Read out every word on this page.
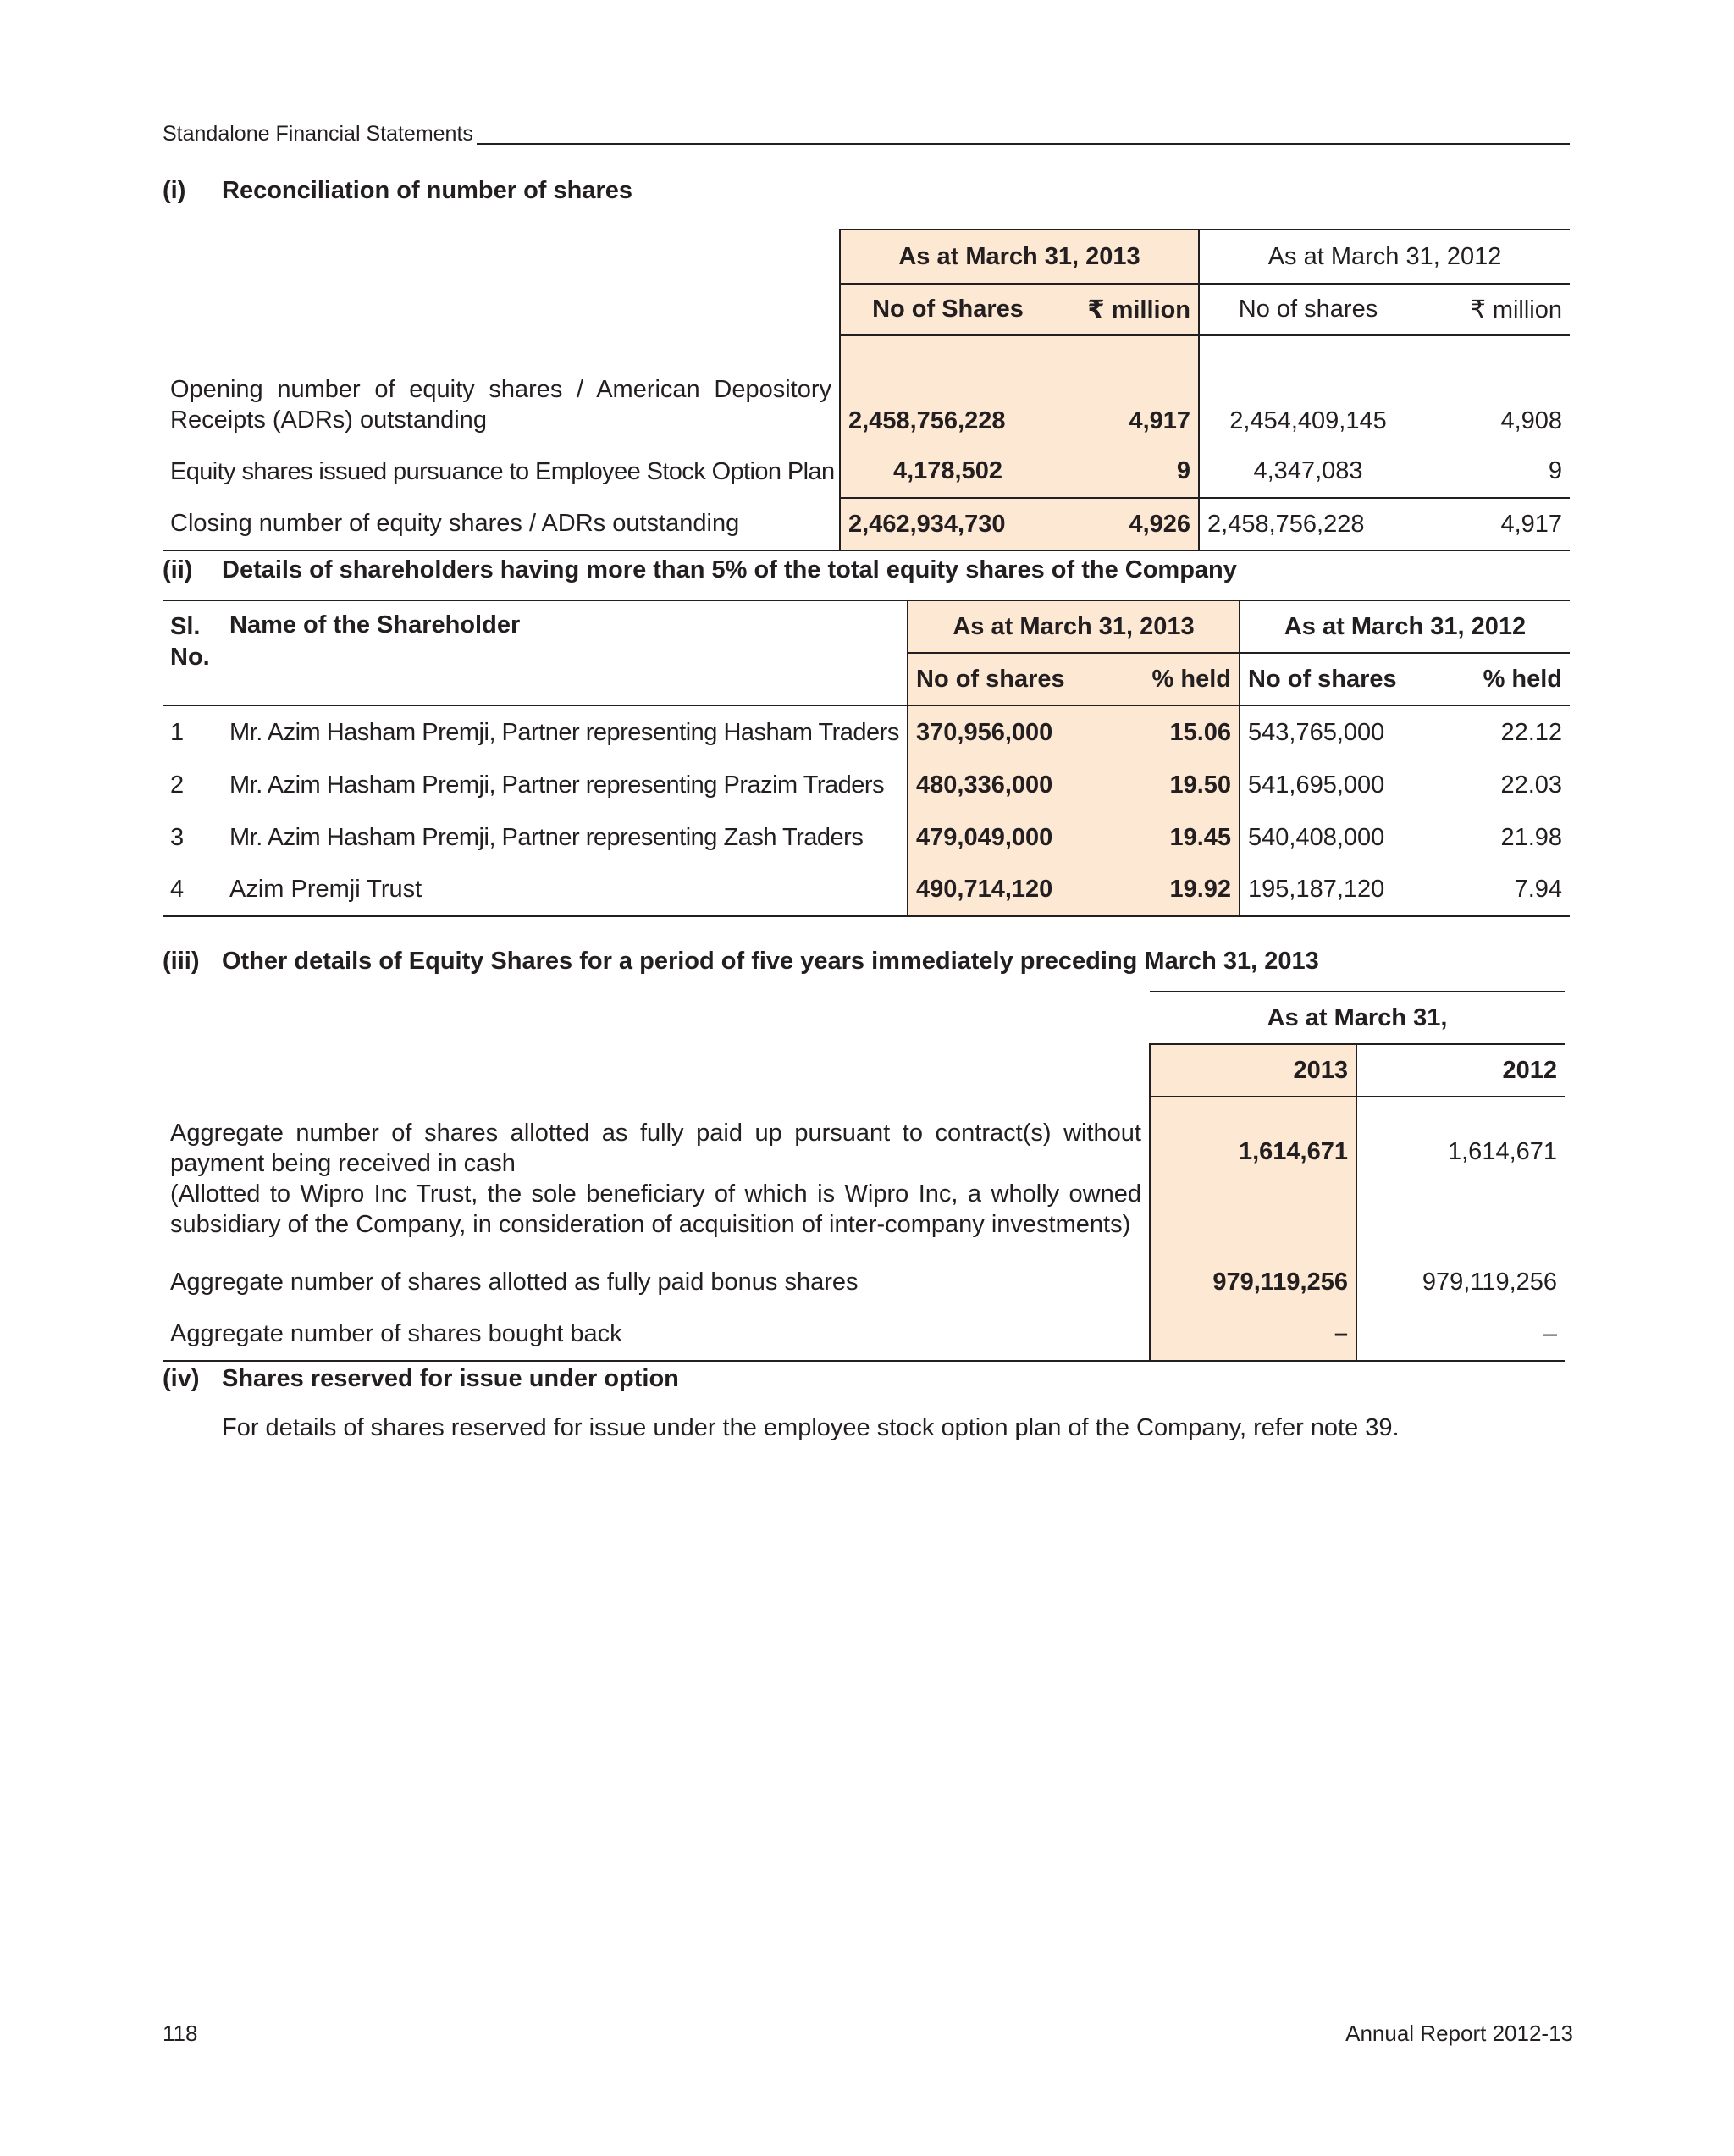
Standalone Financial Statements
(i) Reconciliation of number of shares
	As at March 31, 2013		As at March 31, 2012	
	No of Shares	₹ million	No of shares	₹ million
Opening number of equity shares / American Depository Receipts (ADRs) outstanding	2,458,756,228	4,917	2,454,409,145	4,908
Equity shares issued pursuance to Employee Stock Option Plan	4,178,502	9	4,347,083	9
Closing number of equity shares / ADRs outstanding	2,462,934,730	4,926	2,458,756,228	4,917
(ii) Details of shareholders having more than 5% of the total equity shares of the Company
Sl. No.	Name of the Shareholder	As at March 31, 2013		As at March 31, 2012	
		No of shares	% held	No of shares	% held
1	Mr. Azim Hasham Premji, Partner representing Hasham Traders	370,956,000	15.06	543,765,000	22.12
2	Mr. Azim Hasham Premji, Partner representing Prazim Traders	480,336,000	19.50	541,695,000	22.03
3	Mr. Azim Hasham Premji, Partner representing Zash Traders	479,049,000	19.45	540,408,000	21.98
4	Azim Premji Trust	490,714,120	19.92	195,187,120	7.94
(iii) Other details of Equity Shares for a period of five years immediately preceding March 31, 2013
	As at March 31,	
	2013	2012

Aggregate number of shares allotted as fully paid up pursuant to contract(s) without payment being received in cash
(Allotted to Wipro Inc Trust, the sole beneficiary of which is Wipro Inc, a wholly owned subsidiary of the Company, in consideration of acquisition of inter-company investments)	1,614,671	1,614,671
Aggregate number of shares allotted as fully paid bonus shares	979,119,256	979,119,256
Aggregate number of shares bought back	–	–
(iv) Shares reserved for issue under option
For details of shares reserved for issue under the employee stock option plan of the Company, refer note 39.
118	Annual Report 2012-13
